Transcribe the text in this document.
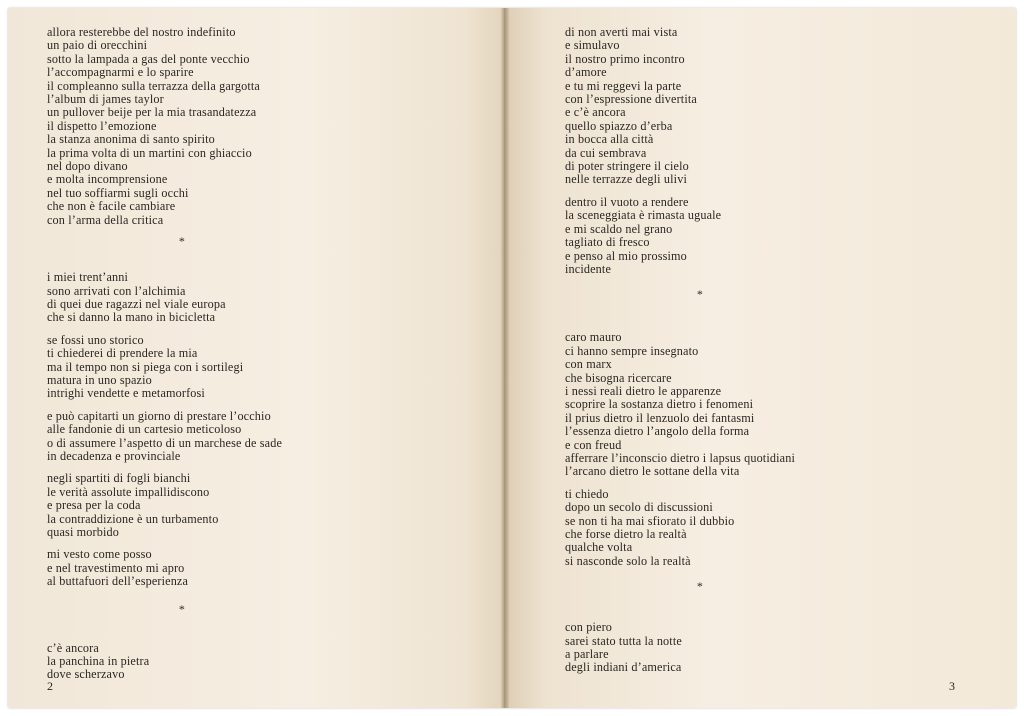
allora resterebbe del nostro indefinito
un paio di orecchini
sotto la lampada a gas del ponte vecchio
l’accompagnarmi e lo sparire
il compleanno sulla terrazza della gargotta
l’album di james taylor
un pullover beije per la mia trasandatezza
il dispetto l’emozione
la stanza anonima di santo spirito
la prima volta di un martini con ghiaccio
nel dopo divano
e molta incomprensione
nel tuo soffiarmi sugli occhi
che non è facile cambiare
con l’arma della critica
*
i miei trent’anni
sono arrivati con l’alchimia
di quei due ragazzi nel viale europa
che si danno la mano in bicicletta
se fossi uno storico
ti chiederei di prendere la mia
ma il tempo non si piega con i sortilegi
matura in uno spazio
intrighi vendette e metamorfosi
e può capitarti un giorno di prestare l’occhio
alle fandonie di un cartesio meticoloso
o di assumere l’aspetto di un marchese de sade
in decadenza e provinciale
negli spartiti di fogli bianchi
le verità assolute impallidiscono
e presa per la coda
la contraddizione è un turbamento
quasi morbido
mi vesto come posso
e nel travestimento mi apro
al buttafuori dell’esperienza
*
c’è ancora
la panchina in pietra
dove scherzavo
di non averti mai vista
e simulavo
il nostro primo incontro
d’amore
e tu mi reggevi la parte
con l’espressione divertita
e c’è ancora
quello spiazzo d’erba
in bocca alla città
da cui sembrava
di poter stringere il cielo
nelle terrazze degli ulivi
dentro il vuoto a rendere
la sceneggiata è rimasta uguale
e mi scaldo nel grano
tagliato di fresco
e penso al mio prossimo
incidente
*
caro mauro
ci hanno sempre insegnato
con marx
che bisogna ricercare
i nessi reali dietro le apparenze
scoprire la sostanza dietro i fenomeni
il prius dietro il lenzuolo dei fantasmi
l’essenza dietro l’angolo della forma
e con freud
afferrare l’inconscio dietro i lapsus quotidiani
l’arcano dietro le sottane della vita
ti chiedo
dopo un secolo di discussioni
se non ti ha mai sfiorato il dubbio
che forse dietro la realtà
qualche volta
si nasconde solo la realtà
*
con piero
sarei stato tutta la notte
a parlare
degli indiani d’america
2	3
